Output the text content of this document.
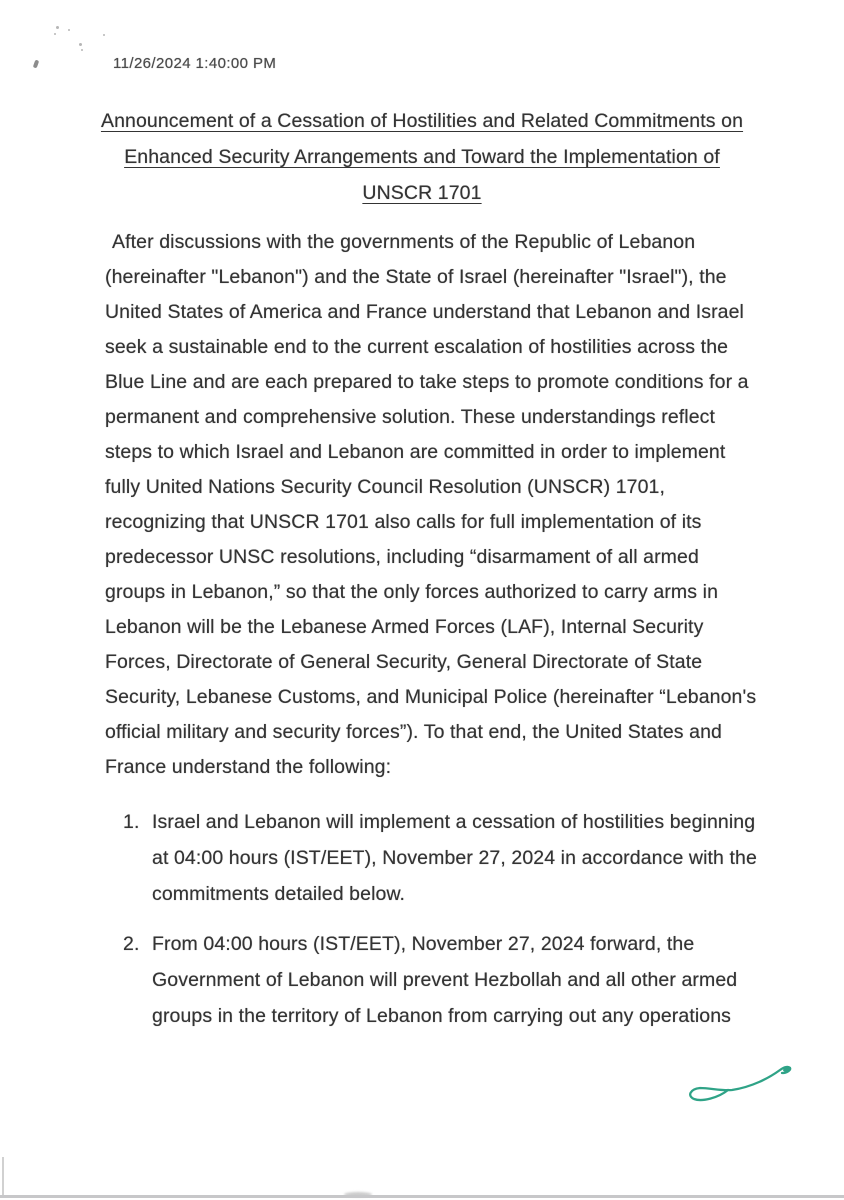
11/26/2024 1:40:00 PM
Announcement of a Cessation of Hostilities and Related Commitments on
Enhanced Security Arrangements and Toward the Implementation of
UNSCR 1701
After discussions with the governments of the Republic of Lebanon
(hereinafter "Lebanon") and the State of Israel (hereinafter "Israel"), the
United States of America and France understand that Lebanon and Israel
seek a sustainable end to the current escalation of hostilities across the
Blue Line and are each prepared to take steps to promote conditions for a
permanent and comprehensive solution. These understandings reflect
steps to which Israel and Lebanon are committed in order to implement
fully United Nations Security Council Resolution (UNSCR) 1701,
recognizing that UNSCR 1701 also calls for full implementation of its
predecessor UNSC resolutions, including “disarmament of all armed
groups in Lebanon,” so that the only forces authorized to carry arms in
Lebanon will be the Lebanese Armed Forces (LAF), Internal Security
Forces, Directorate of General Security, General Directorate of State
Security, Lebanese Customs, and Municipal Police (hereinafter “Lebanon's
official military and security forces”). To that end, the United States and
France understand the following:
1. Israel and Lebanon will implement a cessation of hostilities beginning
at 04:00 hours (IST/EET), November 27, 2024 in accordance with the
commitments detailed below.
2. From 04:00 hours (IST/EET), November 27, 2024 forward, the
Government of Lebanon will prevent Hezbollah and all other armed
groups in the territory of Lebanon from carrying out any operations
